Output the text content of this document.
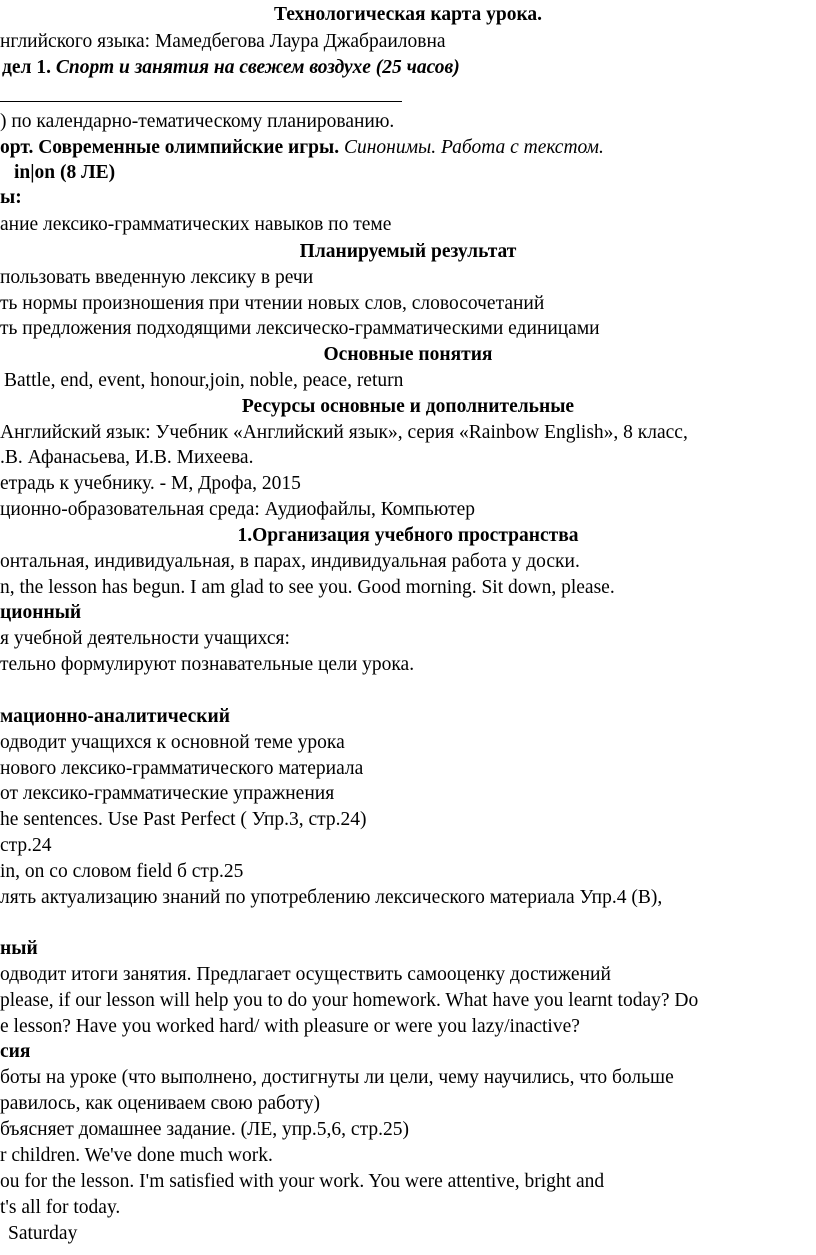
Технологическая карта урока.
нглийского языка: Мамедбегова Лаура Джабраиловна
дел 1. Спорт и занятия на свежем воздухе (25 часов)
) по календарно-тематическому планированию.
орт. Современные олимпийские игры. Синонимы. Работа с текстом.
in|on (8 ЛЕ)
ы:
ание лексико-грамматических навыков по теме
Планируемый результат
пользовать введенную лексику в речи
ть нормы произношения при чтении новых слов, словосочетаний
ть предложения подходящими лексическо-грамматическими единицами
Основные понятия
Battle, end, event, honour,join, noble, peace, return
Ресурсы основные и дополнительные
Английский язык: Учебник «Английский язык», серия «Rainbow English», 8 класс,
.В. Афанасьева, И.В. Михеева.
етрадь к учебнику. - М, Дрофа, 2015
ционно-образовательная среда: Аудиофайлы, Компьютер
1.Организация учебного пространства
онтальная, индивидуальная, в парах, индивидуальная работа у доски.
n, the lesson has begun. I am glad to see you. Good morning. Sit down, please.
ционный
я учебной деятельности учащихся:
тельно формулируют познавательные цели урока.
мационно-аналитический
одводит учащихся к основной теме урока
нового лексико-грамматического материала
от лексико-грамматические упражнения
he sentences. Use Past Perfect ( Упр.3, стр.24)
стр.24
in, on со словом field б стр.25
лять актуализацию знаний по употреблению лексического материала Упр.4 (В),
ный
одводит итоги занятия. Предлагает осуществить самооценку достижений
please, if our lesson will help you to do your homework. What have you learnt today? Do
e lesson? Have you worked hard/ with pleasure or were you lazy/inactive?
сия
боты на уроке (что выполнено, достигнуты ли цели, чему научились, что больше
равилось, как оцениваем свою работу)
бъясняет домашнее задание. (ЛЕ, упр.5,6, стр.25)
r children. We've done much work.
ou for the lesson. I'm satisfied with your work. You were attentive, bright and
t's all for today.
Saturday
